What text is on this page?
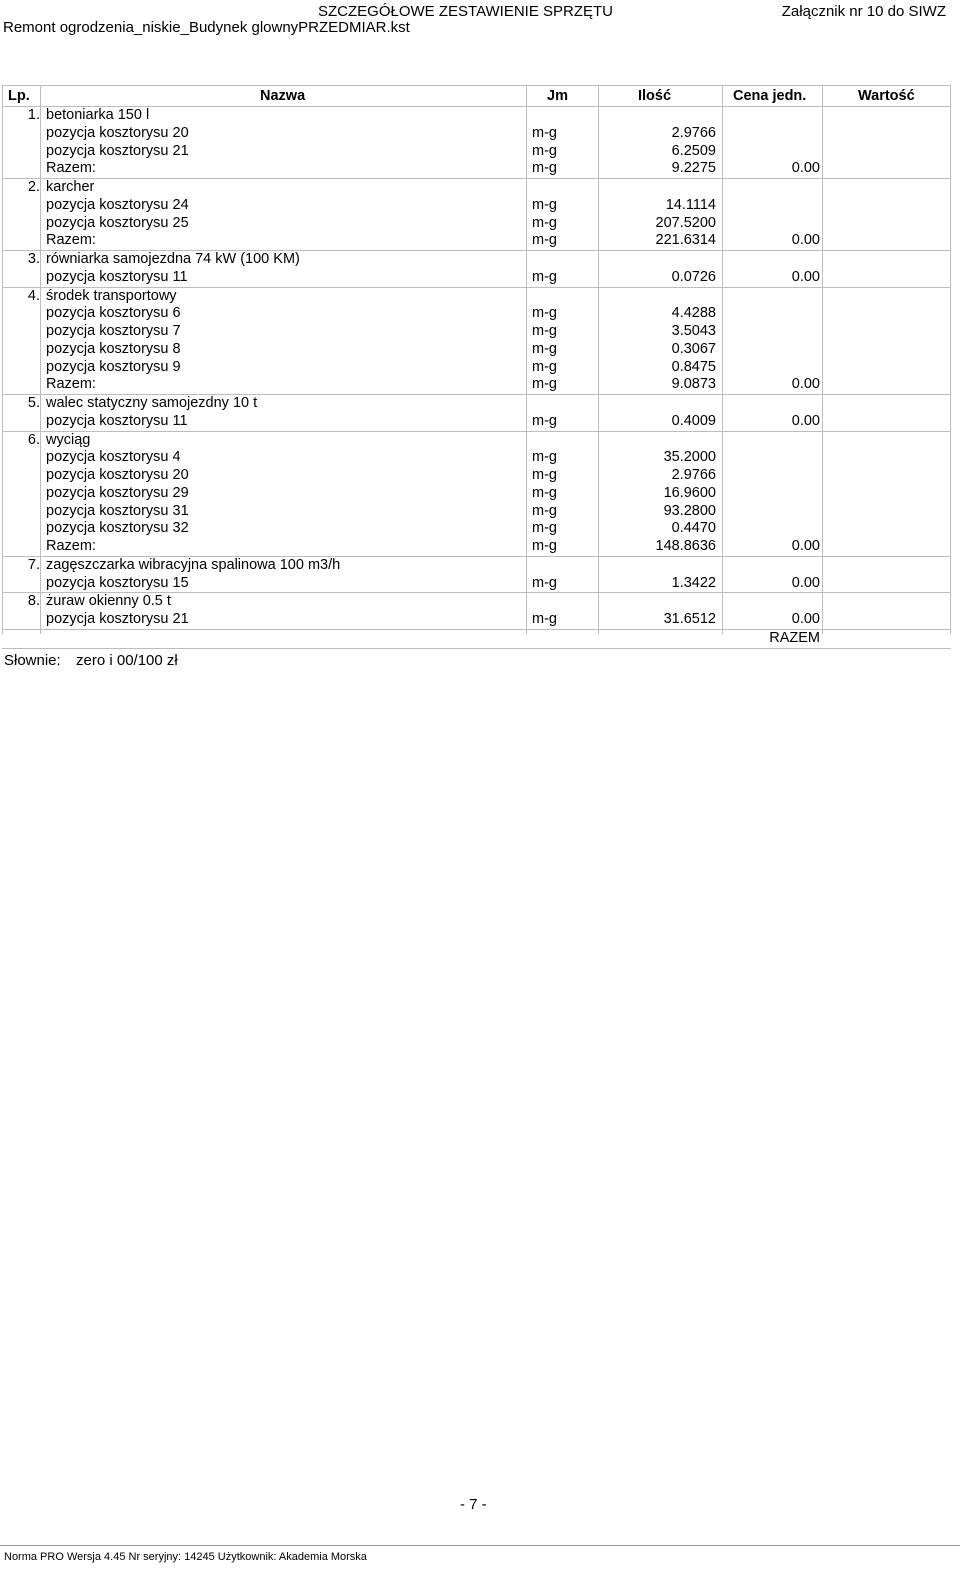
SZCZEGÓŁOWE ZESTAWIENIE SPRZĘTU	Załącznik nr 10 do SIWZ
Remont ogrodzenia_niskie_Budynek glownyPRZEDMIAR.kst
Lp.	Nazwa	Jm	Ilość	Cena jedn.	Wartość
1. betoniarka 150 l
pozycja kosztorysu 20	m-g	2.9766
pozycja kosztorysu 21	m-g	6.2509
Razem:	m-g	9.2275	0.00
2. karcher
pozycja kosztorysu 24	m-g	14.1114
pozycja kosztorysu 25	m-g	207.5200
Razem:	m-g	221.6314	0.00
3. równiarka samojezdna 74 kW (100 KM)
pozycja kosztorysu 11	m-g	0.0726	0.00
4. środek transportowy
pozycja kosztorysu 6	m-g	4.4288
pozycja kosztorysu 7	m-g	3.5043
pozycja kosztorysu 8	m-g	0.3067
pozycja kosztorysu 9	m-g	0.8475
Razem:	m-g	9.0873	0.00
5. walec statyczny samojezdny 10 t
pozycja kosztorysu 11	m-g	0.4009	0.00
6. wyciąg
pozycja kosztorysu 4	m-g	35.2000
pozycja kosztorysu 20	m-g	2.9766
pozycja kosztorysu 29	m-g	16.9600
pozycja kosztorysu 31	m-g	93.2800
pozycja kosztorysu 32	m-g	0.4470
Razem:	m-g	148.8636	0.00
7. zagęszczarka wibracyjna spalinowa 100 m3/h
pozycja kosztorysu 15	m-g	1.3422	0.00
8. żuraw okienny 0.5 t
pozycja kosztorysu 21	m-g	31.6512	0.00
RAZEM
Słownie: zero i 00/100 zł
- 7 -
Norma PRO Wersja 4.45 Nr seryjny: 14245 Użytkownik: Akademia Morska
